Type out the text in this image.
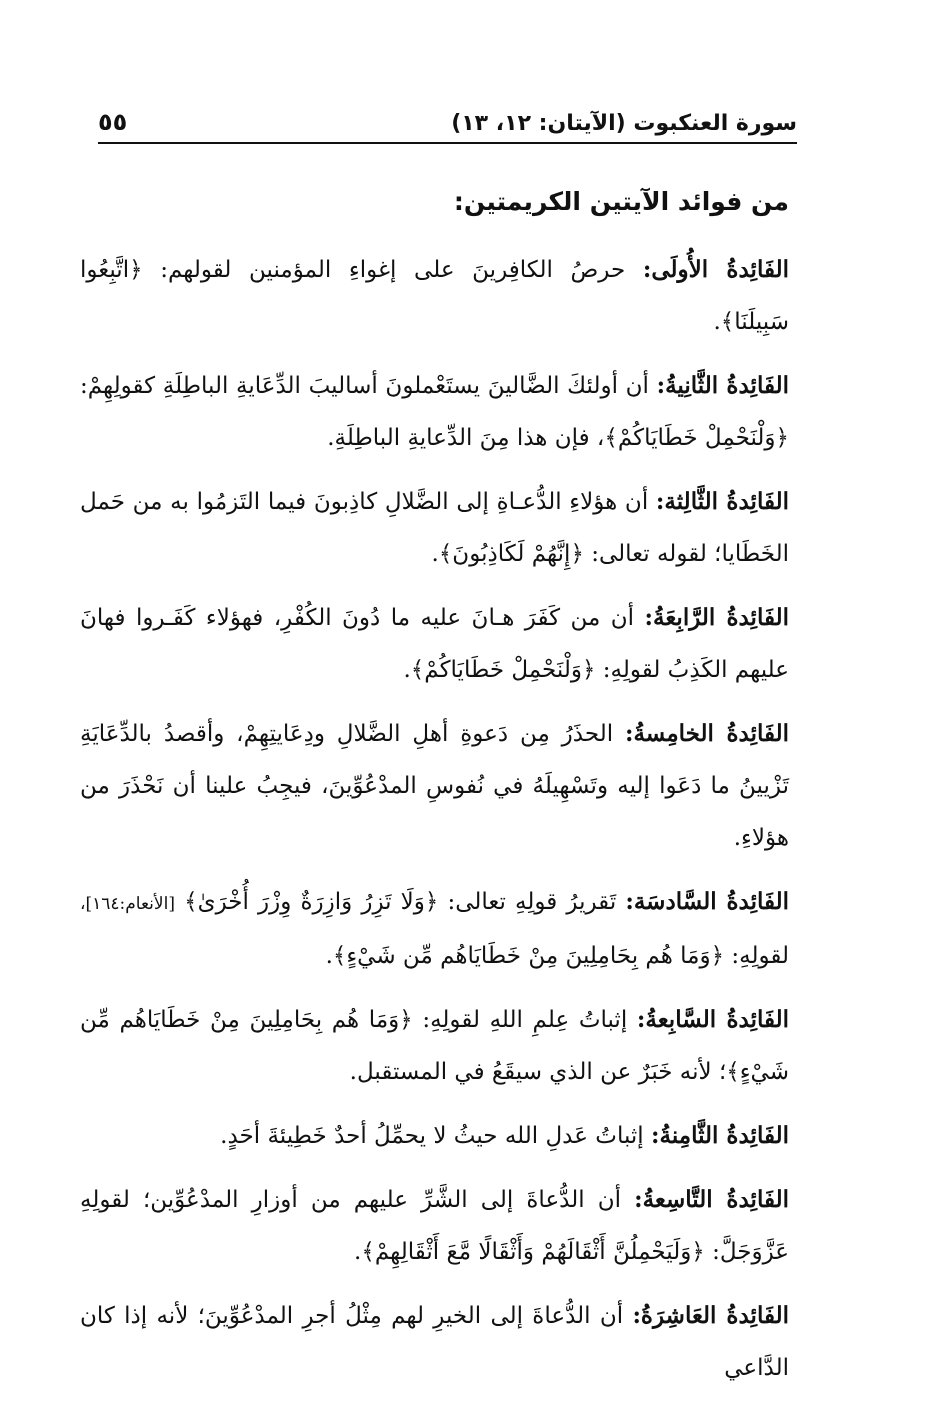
سورة العنكبوت (الآيتان: ١٢، ١٣)
٥٥
من فوائد الآيتين الكريمتين:

الفَائِدةُ الأُولَى: حرصُ الكافِرينَ على إغواءِ المؤمنين لقولهم: ﴿اتَّبِعُوا سَبِيلَنَا﴾.

الفَائِدةُ الثَّانِيةُ: أن أولئكَ الضَّالينَ يستَعْملونَ أساليبَ الدِّعَايةِ الباطِلَةِ كقولِهِمْ: ﴿وَلْنَحْمِلْ خَطَايَاكُمْ﴾، فإن هذا مِنَ الدِّعايةِ الباطِلَةِ.

الفَائِدةُ الثَّالِثة: أن هؤلاءِ الدُّعـاةِ إلى الضَّلالِ كاذِبونَ فيما التَزمُوا به من حَمل الخَطَايا؛ لقوله تعالى: ﴿إِنَّهُمْ لَكَاذِبُونَ﴾.

الفَائِدةُ الرَّابِعَةُ: أن من كَفَرَ هـانَ عليه ما دُونَ الكُفْرِ، فهؤلاء كَفَـروا فهانَ عليهم الكَذِبُ لقولِهِ: ﴿وَلْنَحْمِلْ خَطَايَاكُمْ﴾.

الفَائِدةُ الخامِسةُ: الحذَرُ مِن دَعوةِ أهلِ الضَّلالِ ودِعَايتِهِمْ، وأقصدُ بالدِّعَايَةِ تَزْيينُ ما دَعَوا إليه وتَسْهِيلَهُ في نُفوسِ المدْعُوِّينَ، فيجِبُ علينا أن نَحْذَرَ من هؤلاءِ.

الفَائِدةُ السَّادسَة: تَقريرُ قولِهِ تعالى: ﴿وَلَا تَزِرُ وَازِرَةٌ وِزْرَ أُخْرَىٰ﴾ [الأنعام:١٦٤]، لقولِهِ: ﴿وَمَا هُم بِحَامِلِينَ مِنْ خَطَايَاهُم مِّن شَيْءٍ﴾.

الفَائِدةُ السَّابِعةُ: إثباتُ عِلمِ اللهِ لقولِهِ: ﴿وَمَا هُم بِحَامِلِينَ مِنْ خَطَايَاهُم مِّن شَيْءٍ﴾؛ لأنه خَبَرٌ عن الذي سيقَعُ في المستقبل.

الفَائِدةُ الثَّامِنةُ: إثباتُ عَدلِ الله حيثُ لا يحمِّلُ أحدٌ خَطِيئةَ أحَدٍ.

الفَائِدةُ التَّاسِعةُ: أن الدُّعاةَ إلى الشَّرِّ عليهم من أوزارِ المدْعُوِّين؛ لقولِهِ عَزَّوَجَلَّ: ﴿وَلَيَحْمِلُنَّ أَثْقَالَهُمْ وَأَثْقَالًا مَّعَ أَثْقَالِهِمْ﴾.

الفَائِدةُ العَاشِرَةُ: أن الدُّعاةَ إلى الخيرِ لهم مِثْلُ أجرِ المدْعُوِّينَ؛ لأنه إذا كان الدَّاعي
